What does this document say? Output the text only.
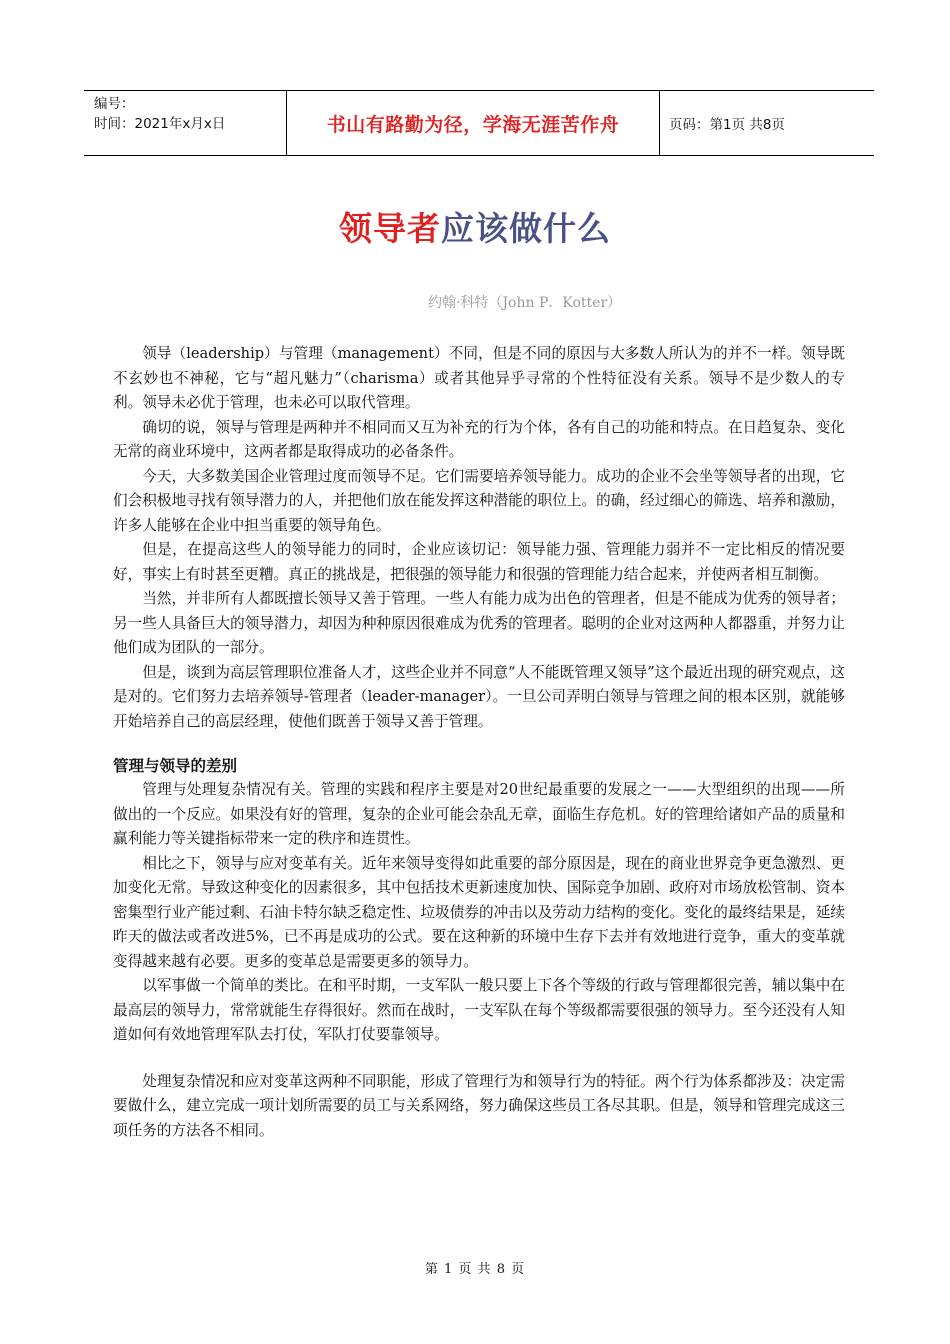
编号：
时间：2021年x月x日	书山有路勤为径，学海无涯苦作舟	页码：第1页 共8页
领导者应该做什么
约翰·科特（John P．Kotter）

领导（leadership）与管理（management）不同，但是不同的原因与大多数人所认为的并不一样。领导既不玄妙也不神秘，它与“超凡魅力”（charisma）或者其他异乎寻常的个性特征没有关系。领导不是少数人的专利。领导未必优于管理，也未必可以取代管理。

确切的说，领导与管理是两种并不相同而又互为补充的行为个体，各有自己的功能和特点。在日趋复杂、变化无常的商业环境中，这两者都是取得成功的必备条件。

今天，大多数美国企业管理过度而领导不足。它们需要培养领导能力。成功的企业不会坐等领导者的出现，它们会积极地寻找有领导潜力的人，并把他们放在能发挥这种潜能的职位上。的确，经过细心的筛选、培养和激励，许多人能够在企业中担当重要的领导角色。

但是，在提高这些人的领导能力的同时，企业应该切记：领导能力强、管理能力弱并不一定比相反的情况要好，事实上有时甚至更糟。真正的挑战是，把很强的领导能力和很强的管理能力结合起来，并使两者相互制衡。

当然，并非所有人都既擅长领导又善于管理。一些人有能力成为出色的管理者，但是不能成为优秀的领导者；另一些人具备巨大的领导潜力，却因为种种原因很难成为优秀的管理者。聪明的企业对这两种人都器重，并努力让他们成为团队的一部分。

但是，谈到为高层管理职位准备人才，这些企业并不同意“人不能既管理又领导”这个最近出现的研究观点，这是对的。它们努力去培养领导-管理者（leader-manager）。一旦公司弄明白领导与管理之间的根本区别，就能够开始培养自己的高层经理，使他们既善于领导又善于管理。

管理与领导的差别

管理与处理复杂情况有关。管理的实践和程序主要是对20世纪最重要的发展之一——大型组织的出现——所做出的一个反应。如果没有好的管理，复杂的企业可能会杂乱无章，面临生存危机。好的管理给诸如产品的质量和赢利能力等关键指标带来一定的秩序和连贯性。

相比之下，领导与应对变革有关。近年来领导变得如此重要的部分原因是，现在的商业世界竞争更急激烈、更加变化无常。导致这种变化的因素很多，其中包括技术更新速度加快、国际竞争加剧、政府对市场放松管制、资本密集型行业产能过剩、石油卡特尔缺乏稳定性、垃圾债券的冲击以及劳动力结构的变化。变化的最终结果是，延续昨天的做法或者改进5%，已不再是成功的公式。要在这种新的环境中生存下去并有效地进行竞争，重大的变革就变得越来越有必要。更多的变革总是需要更多的领导力。

以军事做一个简单的类比。在和平时期，一支军队一般只要上下各个等级的行政与管理都很完善，辅以集中在最高层的领导力，常常就能生存得很好。然而在战时，一支军队在每个等级都需要很强的领导力。至今还没有人知道如何有效地管理军队去打仗，军队打仗要靠领导。

处理复杂情况和应对变革这两种不同职能，形成了管理行为和领导行为的特征。两个行为体系都涉及：决定需要做什么，建立完成一项计划所需要的员工与关系网络，努力确保这些员工各尽其职。但是，领导和管理完成这三项任务的方法各不相同。

第 1 页 共 8 页
